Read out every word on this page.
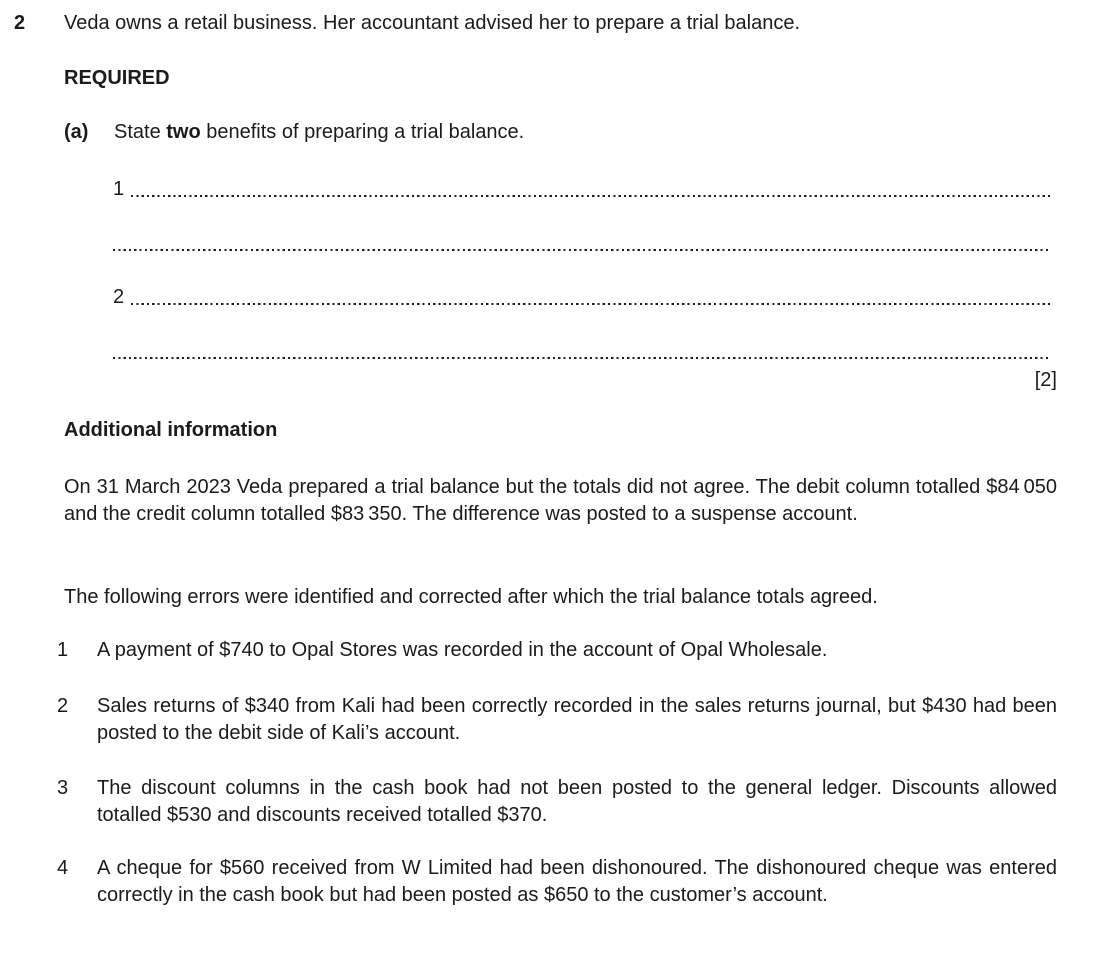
2	Veda owns a retail business. Her accountant advised her to prepare a trial balance.
REQUIRED
(a)	State two benefits of preparing a trial balance.
1
2
[2]
Additional information
On 31 March 2023 Veda prepared a trial balance but the totals did not agree. The debit column totalled $84 050 and the credit column totalled $83 350. The difference was posted to a suspense account.
The following errors were identified and corrected after which the trial balance totals agreed.
1	A payment of $740 to Opal Stores was recorded in the account of Opal Wholesale.
2	Sales returns of $340 from Kali had been correctly recorded in the sales returns journal, but $430 had been posted to the debit side of Kali’s account.
3	The discount columns in the cash book had not been posted to the general ledger. Discounts allowed totalled $530 and discounts received totalled $370.
4	A cheque for $560 received from W Limited had been dishonoured. The dishonoured cheque was entered correctly in the cash book but had been posted as $650 to the customer’s account.
